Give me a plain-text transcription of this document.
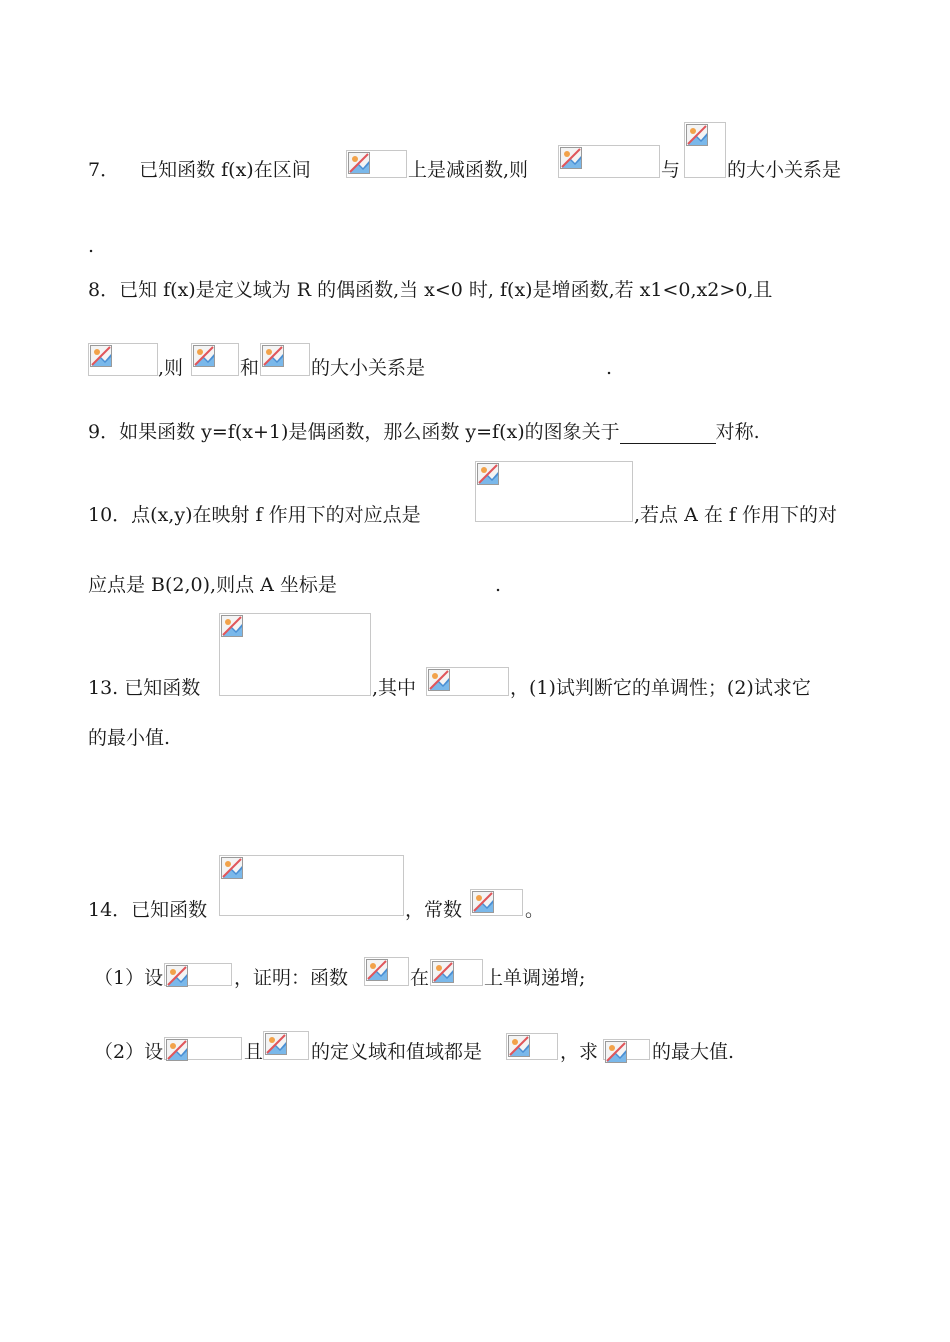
7． 已知函数 f(x)在区间	上是减函数,则	与 的大小关系是
.
8．已知 f(x)是定义域为 R 的偶函数,当 x<0 时, f(x)是增函数,若 x1<0,x2>0,且
,则	和	的大小关系是	.
9．如果函数 y=f(x+1)是偶函数，那么函数 y=f(x)的图象关于	对称.
10．点(x,y)在映射 f 作用下的对应点是	,若点 A 在 f 作用下的对
应点是 B(2,0),则点 A 坐标是	.
13. 已知函数	,其中	，(1)试判断它的单调性；(2)试求它
的最小值.
14．已知函数	，常数	。
（1）设	，证明：函数	在	上单调递增;
（2）设	且	的定义域和值域都是	，求	的最大值.
